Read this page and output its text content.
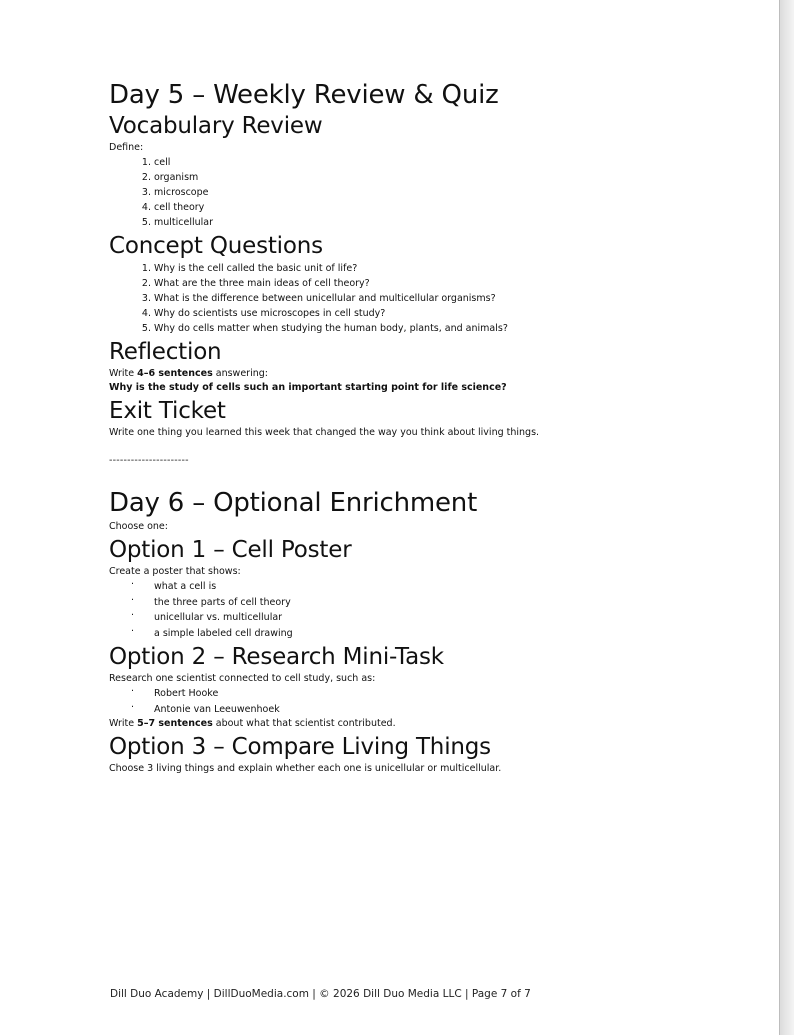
Day 5 – Weekly Review & Quiz
Vocabulary Review

Define:

1. cell
2. organism
3. microscope
4. cell theory
5. multicellular
Concept Questions
1. Why is the cell called the basic unit of life?
2. What are the three main ideas of cell theory?
3. What is the difference between unicellular and multicellular organisms?
4. Why do scientists use microscopes in cell study?
5. Why do cells matter when studying the human body, plants, and animals?
Reflection

Write 4–6 sentences answering:

Why is the study of cells such an important starting point for life science?

Exit Ticket

Write one thing you learned this week that changed the way you think about living things.

----------------------

Day 6 – Optional Enrichment

Choose one:

Option 1 – Cell Poster

Create a poster that shows:

· what a cell is
· the three parts of cell theory
· unicellular vs. multicellular
· a simple labeled cell drawing
Option 2 – Research Mini-Task

Research one scientist connected to cell study, such as:

· Robert Hooke
· Antonie van Leeuwenhoek

Write 5–7 sentences about what that scientist contributed.

Option 3 – Compare Living Things

Choose 3 living things and explain whether each one is unicellular or multicellular.

Dill Duo Academy | DillDuoMedia.com | © 2026 Dill Duo Media LLC | Page 7 of 7
